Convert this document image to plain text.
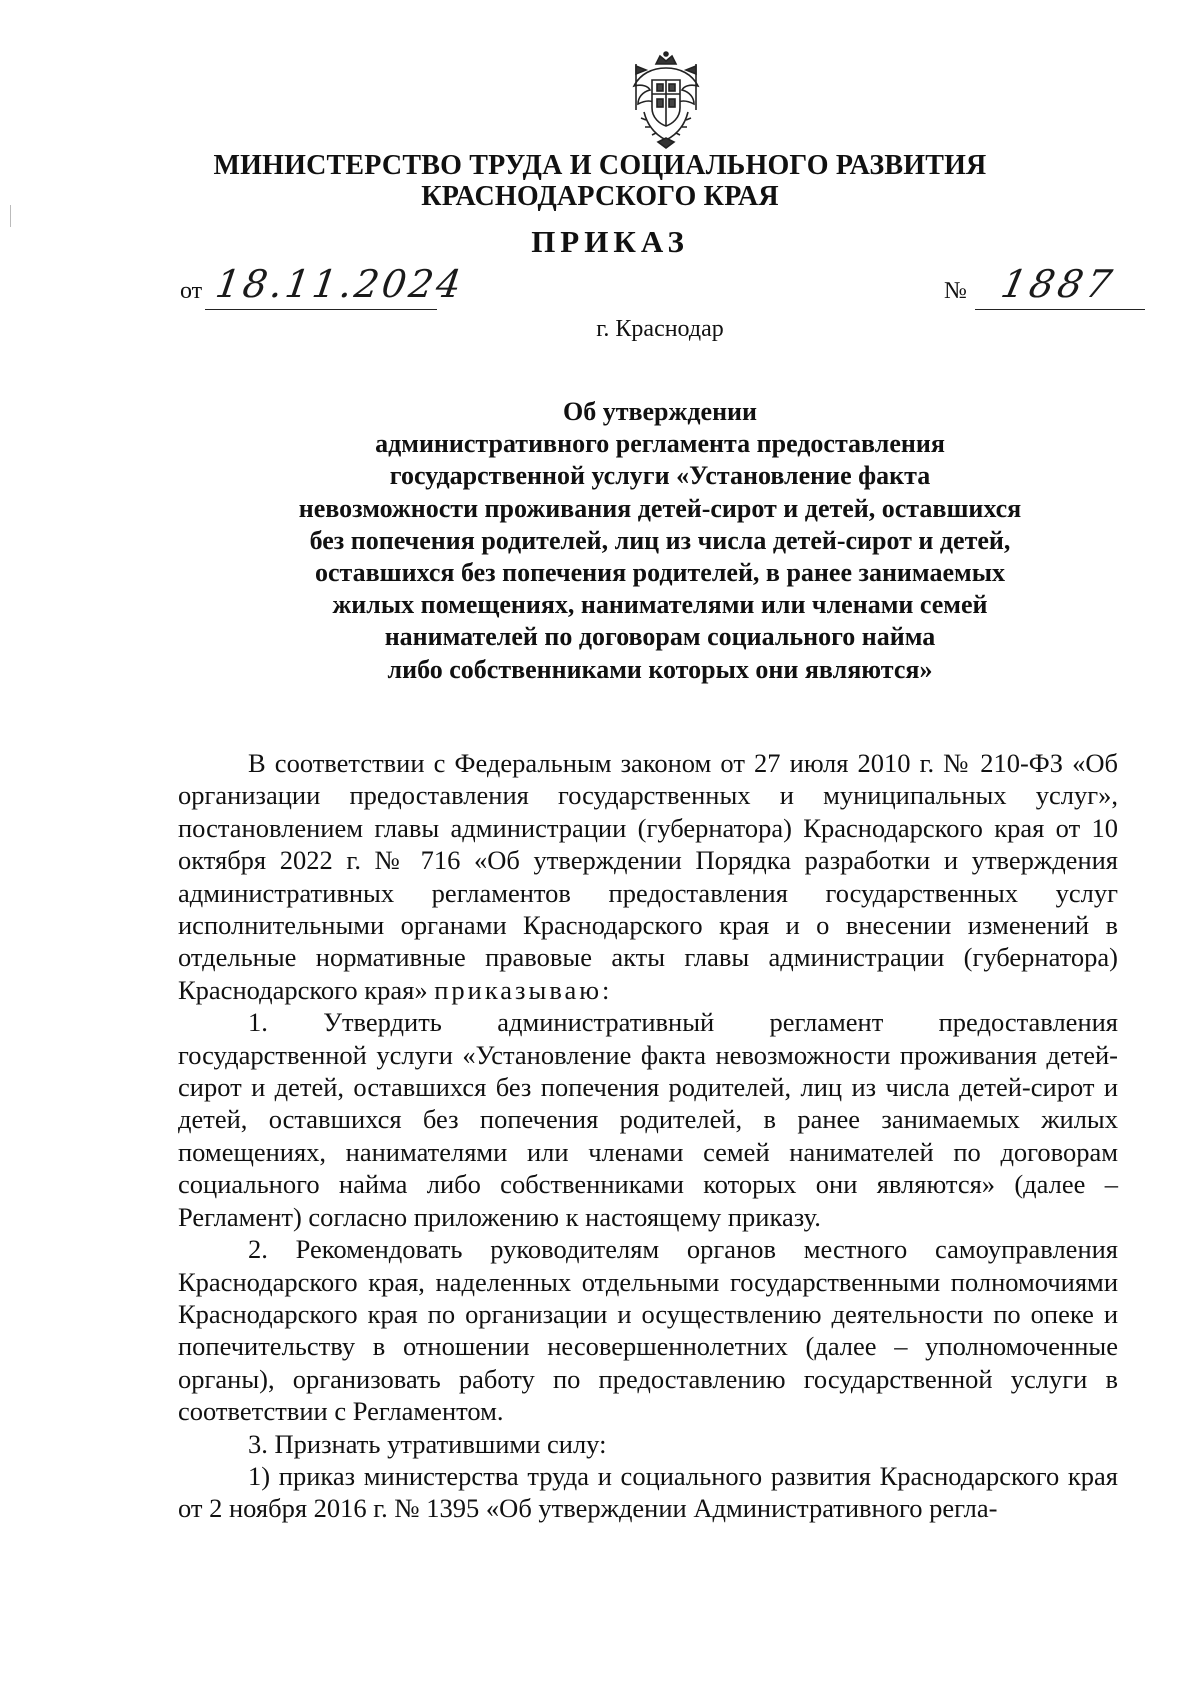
МИНИСТЕРСТВО ТРУДА И СОЦИАЛЬНОГО РАЗВИТИЯ
КРАСНОДАРСКОГО КРАЯ
ПРИКАЗ
от 18.11.2024	№ 1887
г. Краснодар
Об утверждении
административного регламента предоставления
государственной услуги «Установление факта
невозможности проживания детей-сирот и детей, оставшихся
без попечения родителей, лиц из числа детей-сирот и детей,
оставшихся без попечения родителей, в ранее занимаемых
жилых помещениях, нанимателями или членами семей
нанимателей по договорам социального найма
либо собственниками которых они являются»

В соответствии с Федеральным законом от 27 июля 2010 г. № 210-ФЗ «Об организации предоставления государственных и муниципальных услуг», постановлением главы администрации (губернатора) Краснодарского края от 10 октября 2022 г. № 716 «Об утверждении Порядка разработки и утверждения административных регламентов предоставления государственных услуг исполнительными органами Краснодарского края и о внесении изменений в отдельные нормативные правовые акты главы администрации (губернатора) Краснодарского края» приказываю:

1. Утвердить административный регламент предоставления государственной услуги «Установление факта невозможности проживания детей-сирот и детей, оставшихся без попечения родителей, лиц из числа детей-сирот и детей, оставшихся без попечения родителей, в ранее занимаемых жилых помещениях, нанимателями или членами семей нанимателей по договорам социального найма либо собственниками которых они являются» (далее – Регламент) согласно приложению к настоящему приказу.

2. Рекомендовать руководителям органов местного самоуправления Краснодарского края, наделенных отдельными государственными полномочиями Краснодарского края по организации и осуществлению деятельности по опеке и попечительству в отношении несовершеннолетних (далее – уполномоченные органы), организовать работу по предоставлению государственной услуги в соответствии с Регламентом.

3. Признать утратившими силу:

1) приказ министерства труда и социального развития Краснодарского края от 2 ноября 2016 г. № 1395 «Об утверждении Административного регла-
